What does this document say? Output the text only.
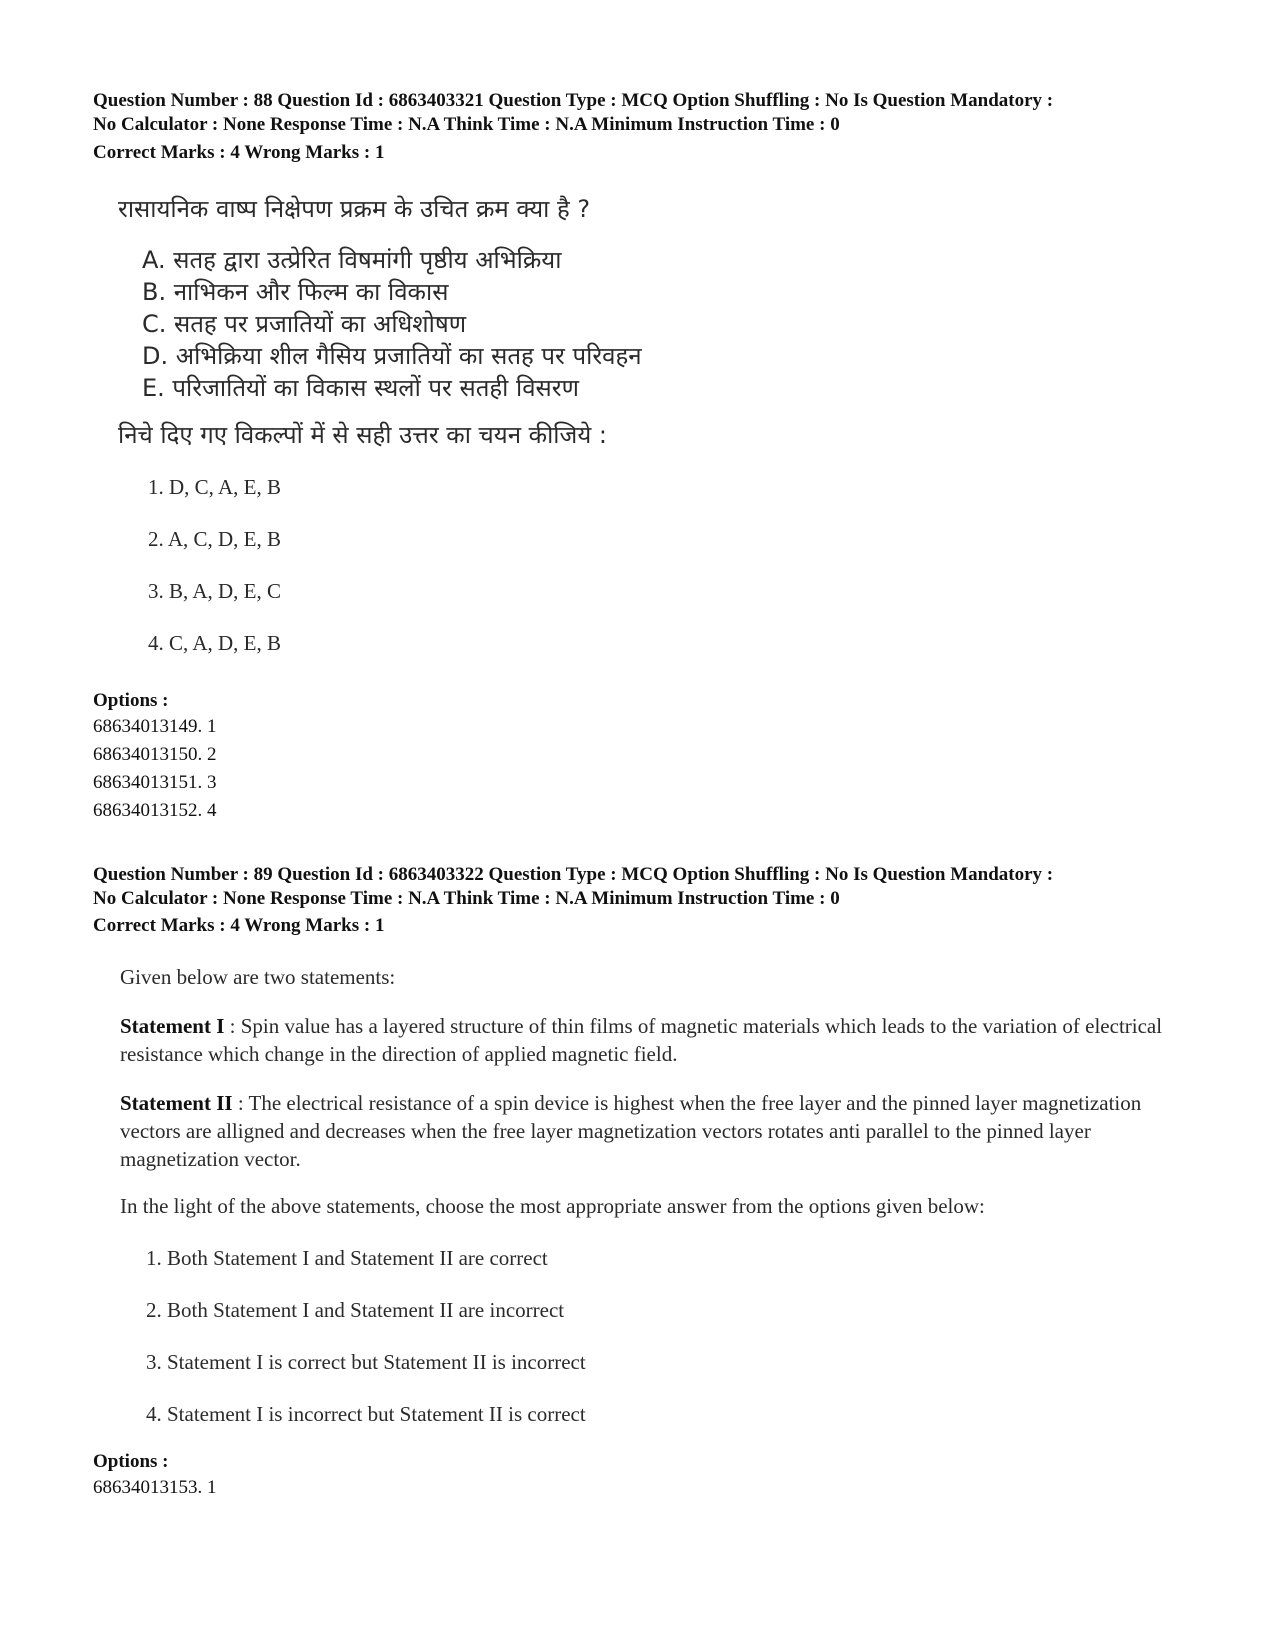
Question Number : 88 Question Id : 6863403321 Question Type : MCQ Option Shuffling : No Is Question Mandatory :
No Calculator : None Response Time : N.A Think Time : N.A Minimum Instruction Time : 0
Correct Marks : 4 Wrong Marks : 1
रासायनिक वाष्प निक्षेपण प्रक्रम के उचित क्रम क्या है ?
A. सतह द्वारा उत्प्रेरित विषमांगी पृष्ठीय अभिक्रिया
B. नाभिकन और फिल्म का विकास
C. सतह पर प्रजातियों का अधिशोषण
D. अभिक्रिया शील गैसिय प्रजातियों का सतह पर परिवहन
E. परिजातियों का विकास स्थलों पर सतही विसरण
निचे दिए गए विकल्पों में से सही उत्तर का चयन कीजिये :
1. D, C, A, E, B
2. A, C, D, E, B
3. B, A, D, E, C
4. C, A, D, E, B
Options :
68634013149. 1
68634013150. 2
68634013151. 3
68634013152. 4
Question Number : 89 Question Id : 6863403322 Question Type : MCQ Option Shuffling : No Is Question Mandatory :
No Calculator : None Response Time : N.A Think Time : N.A Minimum Instruction Time : 0
Correct Marks : 4 Wrong Marks : 1
Given below are two statements:
Statement I : Spin value has a layered structure of thin films of magnetic materials which leads to the variation of electrical resistance which change in the direction of applied magnetic field.
Statement II : The electrical resistance of a spin device is highest when the free layer and the pinned layer magnetization vectors are alligned and decreases when the free layer magnetization vectors rotates anti parallel to the pinned layer magnetization vector.
In the light of the above statements, choose the most appropriate answer from the options given below:
1. Both Statement I and Statement II are correct
2. Both Statement I and Statement II are incorrect
3. Statement I is correct but Statement II is incorrect
4. Statement I is incorrect but Statement II is correct
Options :
68634013153. 1
